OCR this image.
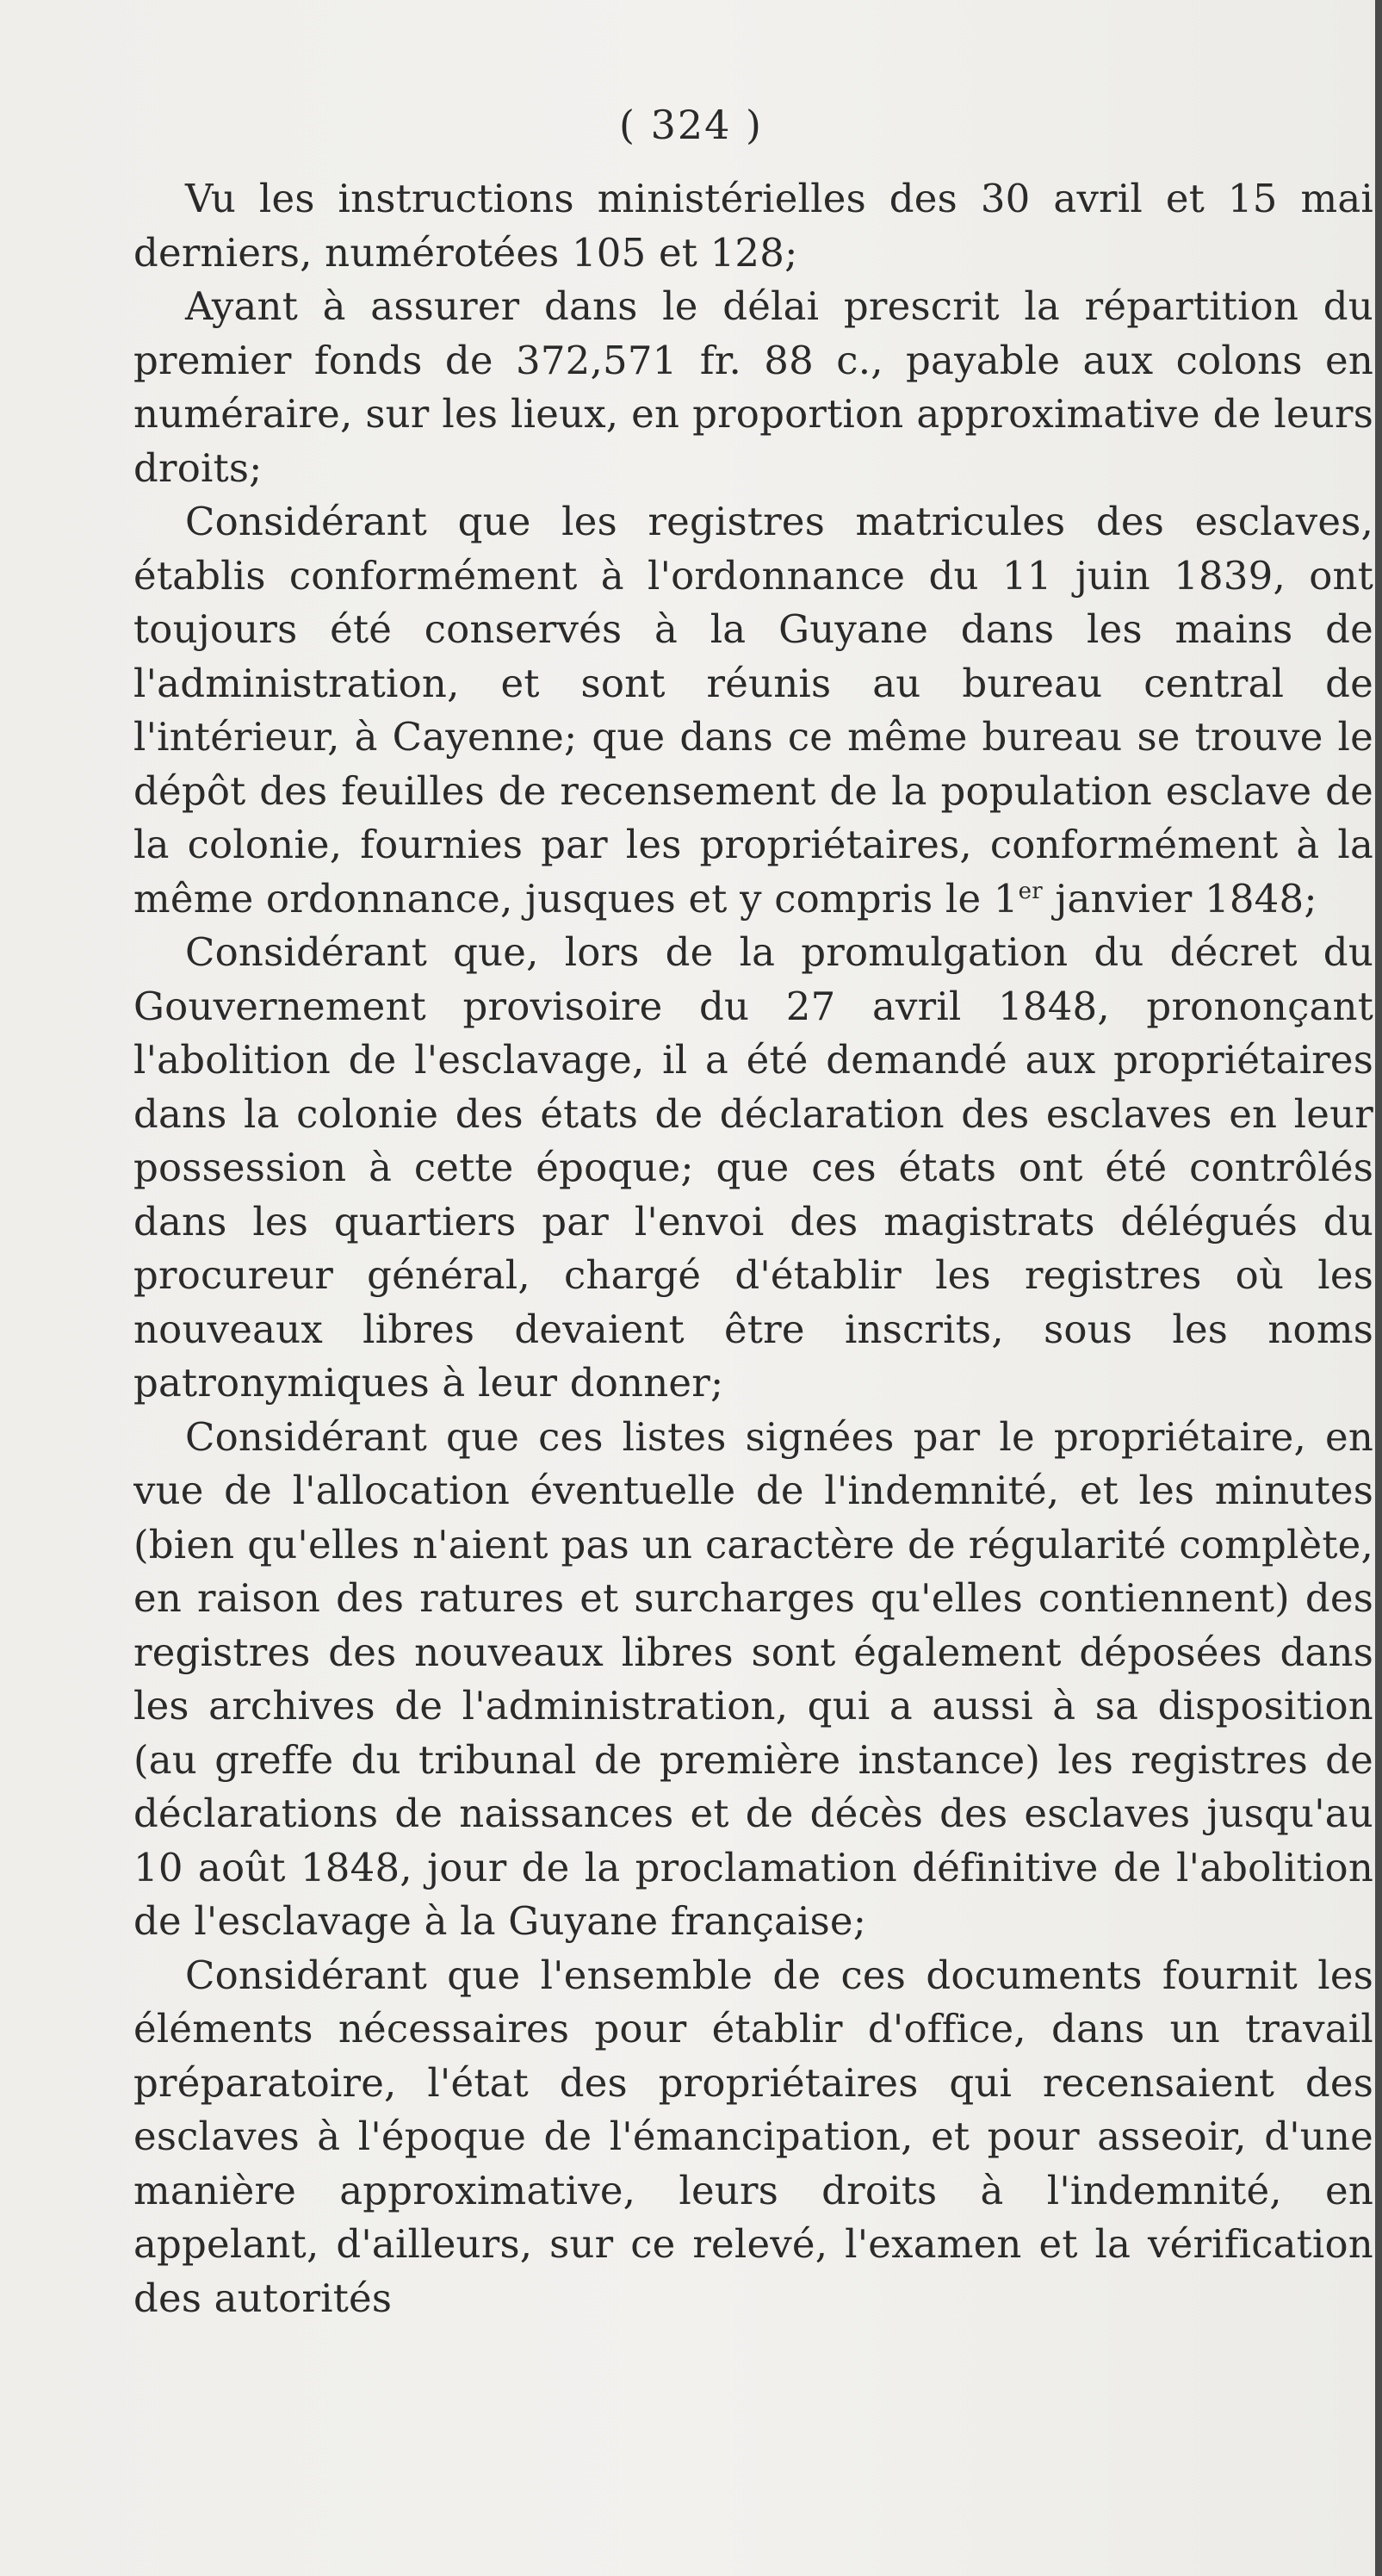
( 324 )

Vu les instructions ministérielles des 30 avril et 15 mai derniers, numérotées 105 et 128;

Ayant à assurer dans le délai prescrit la répartition du premier fonds de 372,571 fr. 88 c., payable aux colons en numéraire, sur les lieux, en proportion approximative de leurs droits;

Considérant que les registres matricules des esclaves, établis conformément à l'ordonnance du 11 juin 1839, ont toujours été conservés à la Guyane dans les mains de l'administration, et sont réunis au bureau central de l'intérieur, à Cayenne; que dans ce même bureau se trouve le dépôt des feuilles de recensement de la population esclave de la colonie, fournies par les propriétaires, conformément à la même ordonnance, jusques et y compris le 1er janvier 1848;

Considérant que, lors de la promulgation du décret du Gouvernement provisoire du 27 avril 1848, prononçant l'abolition de l'esclavage, il a été demandé aux propriétaires dans la colonie des états de déclaration des esclaves en leur possession à cette époque; que ces états ont été contrôlés dans les quartiers par l'envoi des magistrats délégués du procureur général, chargé d'établir les registres où les nouveaux libres devaient être inscrits, sous les noms patronymiques à leur donner;

Considérant que ces listes signées par le propriétaire, en vue de l'allocation éventuelle de l'indemnité, et les minutes (bien qu'elles n'aient pas un caractère de régularité complète, en raison des ratures et surcharges qu'elles contiennent) des registres des nouveaux libres sont également déposées dans les archives de l'administration, qui a aussi à sa disposition (au greffe du tribunal de première instance) les registres de déclarations de naissances et de décès des esclaves jusqu'au 10 août 1848, jour de la proclamation définitive de l'abolition de l'esclavage à la Guyane française;

Considérant que l'ensemble de ces documents fournit les éléments nécessaires pour établir d'office, dans un travail préparatoire, l'état des propriétaires qui recensaient des esclaves à l'époque de l'émancipation, et pour asseoir, d'une manière approximative, leurs droits à l'indemnité, en appelant, d'ailleurs, sur ce relevé, l'examen et la vérification des autorités
